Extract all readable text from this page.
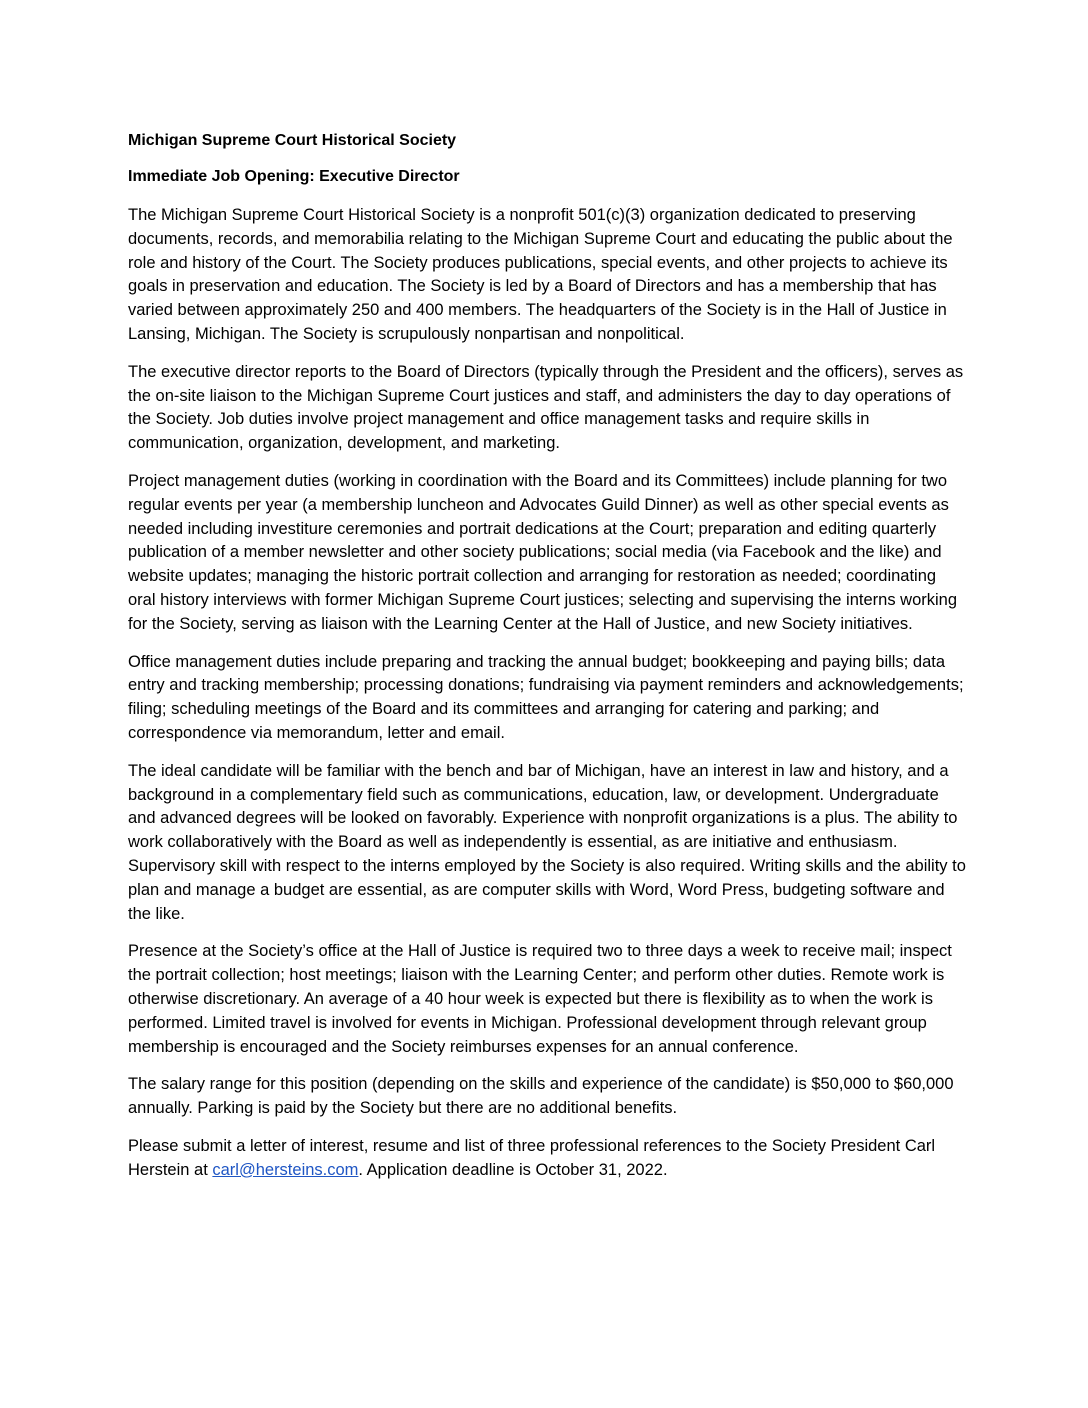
Michigan Supreme Court Historical Society
Immediate Job Opening: Executive Director

The Michigan Supreme Court Historical Society is a nonprofit 501(c)(3) organization dedicated to preserving documents, records, and memorabilia relating to the Michigan Supreme Court and educating the public about the role and history of the Court. The Society produces publications, special events, and other projects to achieve its goals in preservation and education. The Society is led by a Board of Directors and has a membership that has varied between approximately 250 and 400 members. The headquarters of the Society is in the Hall of Justice in Lansing, Michigan. The Society is scrupulously nonpartisan and nonpolitical.

The executive director reports to the Board of Directors (typically through the President and the officers), serves as the on-site liaison to the Michigan Supreme Court justices and staff, and administers the day to day operations of the Society. Job duties involve project management and office management tasks and require skills in communication, organization, development, and marketing.

Project management duties (working in coordination with the Board and its Committees) include planning for two regular events per year (a membership luncheon and Advocates Guild Dinner) as well as other special events as needed including investiture ceremonies and portrait dedications at the Court; preparation and editing quarterly publication of a member newsletter and other society publications; social media (via Facebook and the like) and website updates; managing the historic portrait collection and arranging for restoration as needed; coordinating oral history interviews with former Michigan Supreme Court justices; selecting and supervising the interns working for the Society, serving as liaison with the Learning Center at the Hall of Justice, and new Society initiatives.

Office management duties include preparing and tracking the annual budget; bookkeeping and paying bills; data entry and tracking membership; processing donations; fundraising via payment reminders and acknowledgements; filing; scheduling meetings of the Board and its committees and arranging for catering and parking; and correspondence via memorandum, letter and email.

The ideal candidate will be familiar with the bench and bar of Michigan, have an interest in law and history, and a background in a complementary field such as communications, education, law, or development. Undergraduate and advanced degrees will be looked on favorably. Experience with nonprofit organizations is a plus. The ability to work collaboratively with the Board as well as independently is essential, as are initiative and enthusiasm. Supervisory skill with respect to the interns employed by the Society is also required. Writing skills and the ability to plan and manage a budget are essential, as are computer skills with Word, Word Press, budgeting software and the like.

Presence at the Society’s office at the Hall of Justice is required two to three days a week to receive mail; inspect the portrait collection; host meetings; liaison with the Learning Center; and perform other duties. Remote work is otherwise discretionary. An average of a 40 hour week is expected but there is flexibility as to when the work is performed. Limited travel is involved for events in Michigan. Professional development through relevant group membership is encouraged and the Society reimburses expenses for an annual conference.

The salary range for this position (depending on the skills and experience of the candidate) is $50,000 to $60,000 annually. Parking is paid by the Society but there are no additional benefits.

Please submit a letter of interest, resume and list of three professional references to the Society President Carl Herstein at carl@hersteins.com. Application deadline is October 31, 2022.
